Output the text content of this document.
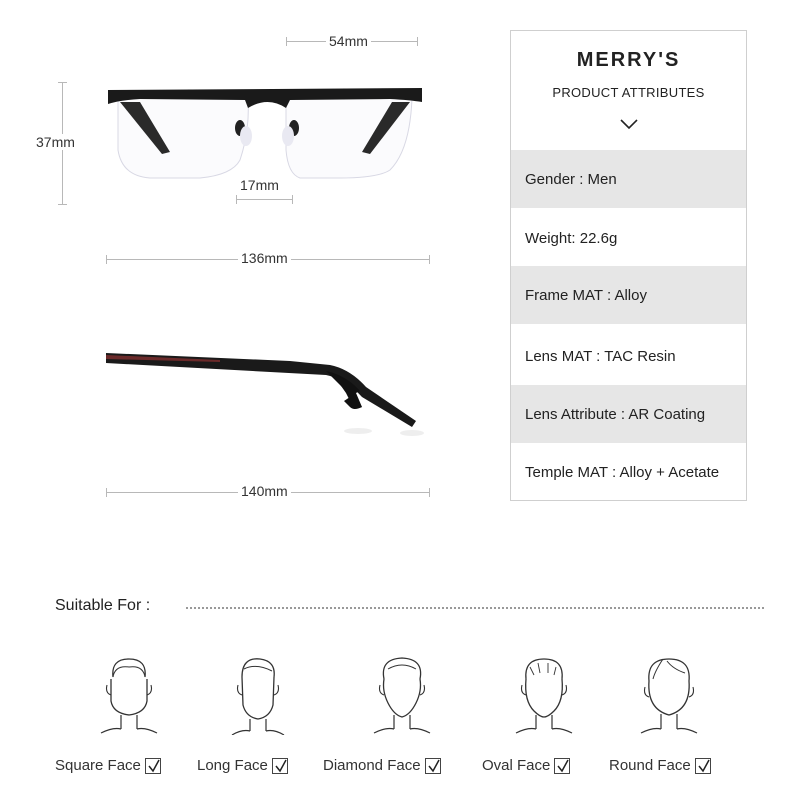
54mm
37mm
17mm
136mm
140mm
MERRY'S
PRODUCT ATTRIBUTES
Gender : Men
Weight: 22.6g
Frame MAT : Alloy
Lens MAT : TAC Resin
Lens Attribute : AR Coating
Temple MAT : Alloy + Acetate
Suitable For :
Square Face	Long Face	Diamond Face	Oval Face	Round Face
